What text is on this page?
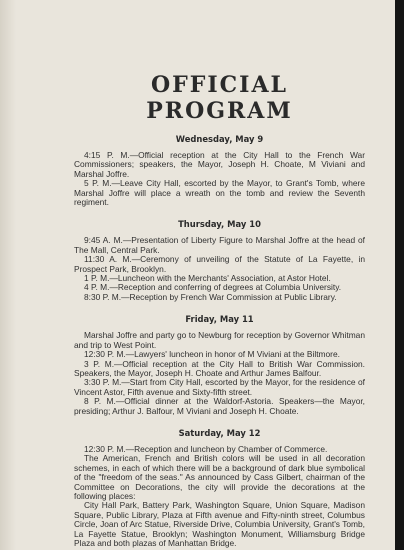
OFFICIAL PROGRAM
Wednesday, May 9

4:15 P. M.—Official reception at the City Hall to the French War Commissioners; speakers, the Mayor, Joseph H. Choate, M Viviani and Marshal Joffre.

5 P. M.—Leave City Hall, escorted by the Mayor, to Grant's Tomb, where Marshal Joffre will place a wreath on the tomb and review the Seventh regiment.

Thursday, May 10

9:45 A. M.—Presentation of Liberty Figure to Marshal Joffre at the head of The Mall, Central Park.

11:30 A. M.—Ceremony of unveiling of the Statute of La Fayette, in Prospect Park, Brooklyn.

1 P. M.—Luncheon with the Merchants' Association, at Astor Hotel.

4 P. M.—Reception and conferring of degrees at Columbia University.

8:30 P. M.—Reception by French War Commission at Public Library.

Friday, May 11

Marshal Joffre and party go to Newburg for reception by Governor Whitman and trip to West Point.

12:30 P. M.—Lawyers' luncheon in honor of M Viviani at the Biltmore.

3 P. M.—Official reception at the City Hall to British War Commission. Speakers, the Mayor, Joseph H. Choate and Arthur James Balfour.

3:30 P. M.—Start from City Hall, escorted by the Mayor, for the residence of Vincent Astor, Fifth avenue and Sixty-fifth street.

8 P. M.—Official dinner at the Waldorf-Astoria. Speakers—the Mayor, presiding; Arthur J. Balfour, M Viviani and Joseph H. Choate.

Saturday, May 12

12:30 P. M.—Reception and luncheon by Chamber of Commerce.

The American, French and British colors will be used in all decoration schemes, in each of which there will be a background of dark blue symbolical of the "freedom of the seas." As announced by Cass Gilbert, chairman of the Committee on Decorations, the city will provide the decorations at the following places:

City Hall Park, Battery Park, Washington Square, Union Square, Madison Square, Public Library, Plaza at Fifth avenue and Fifty-ninth street, Columbus Circle, Joan of Arc Statue, Riverside Drive, Columbia University, Grant's Tomb, La Fayette Statue, Brooklyn; Washington Monument, Williamsburg Bridge Plaza and both plazas of Manhattan Bridge.
